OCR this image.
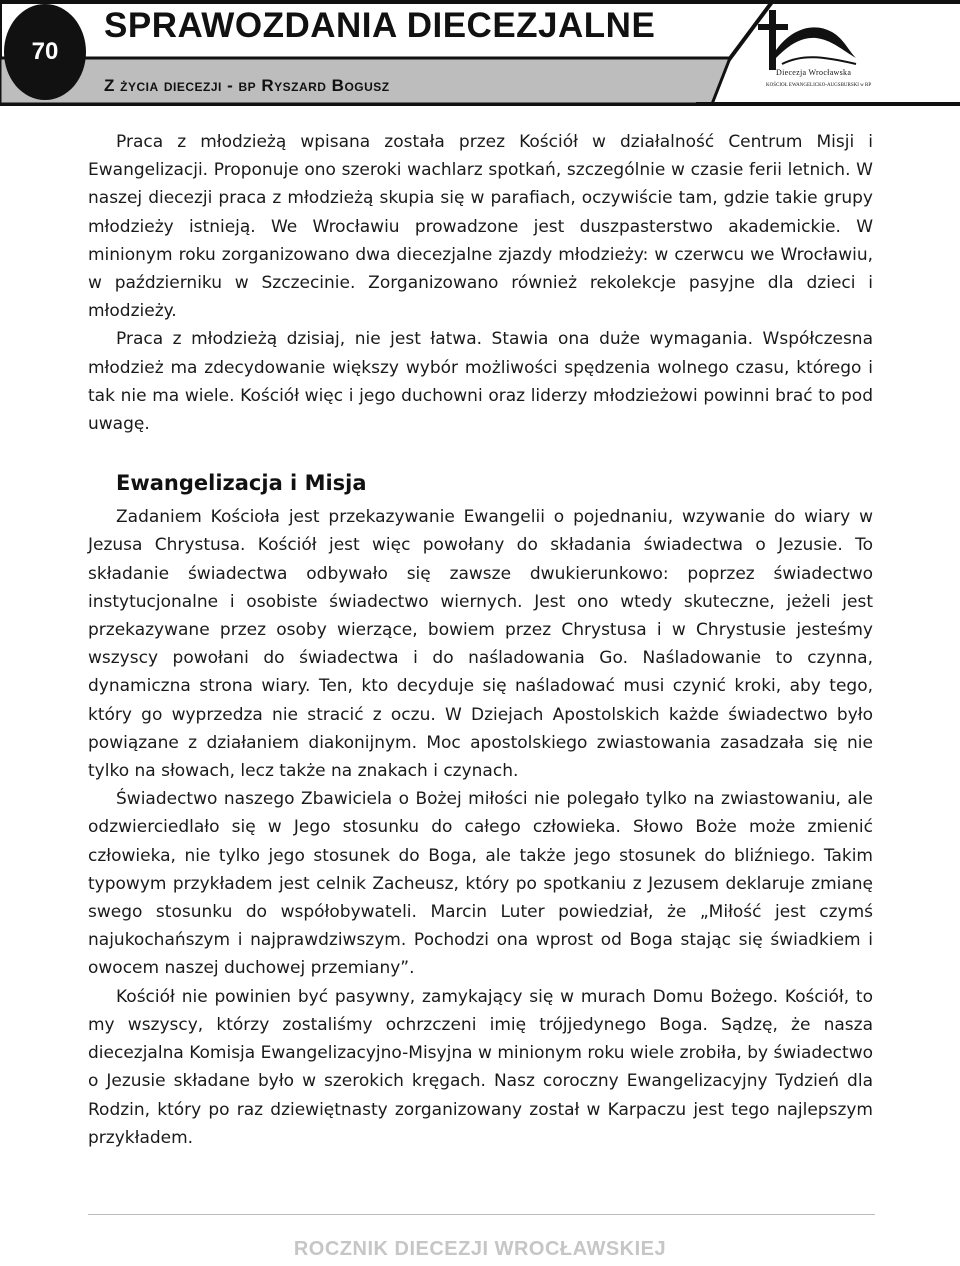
70
SPRAWOZDANIA DIECEZJALNE
Z życia diecezji - bp Ryszard Bogusz
Diecezja Wrocławska
KOŚCIOŁ EWANGELICKO-AUGSBURSKI w RP

Praca z młodzieżą wpisana została przez Kościół w działalność Centrum Misji i Ewangelizacji. Proponuje ono szeroki wachlarz spotkań, szczególnie w czasie ferii letnich. W naszej diecezji praca z młodzieżą skupia się w parafiach, oczywiście tam, gdzie takie grupy młodzieży istnieją. We Wrocławiu prowadzone jest duszpasterstwo akademickie. W minionym roku zorganizowano dwa diecezjalne zjazdy młodzieży: w czerwcu we Wrocławiu, w październiku w Szczecinie. Zorganizowano również rekolekcje pasyjne dla dzieci i młodzieży.

Praca z młodzieżą dzisiaj, nie jest łatwa. Stawia ona duże wymagania. Współczesna młodzież ma zdecydowanie większy wybór możliwości spędzenia wolnego czasu, którego i tak nie ma wiele. Kościół więc i jego duchowni oraz liderzy młodzieżowi powinni brać to pod uwagę.

Ewangelizacja i Misja

Zadaniem Kościoła jest przekazywanie Ewangelii o pojednaniu, wzywanie do wiary w Jezusa Chrystusa. Kościół jest więc powołany do składania świadectwa o Jezusie. To składanie świadectwa odbywało się zawsze dwukierunkowo: poprzez świadectwo instytucjonalne i osobiste świadectwo wiernych. Jest ono wtedy skuteczne, jeżeli jest przekazywane przez osoby wierzące, bowiem przez Chrystusa i w Chrystusie jesteśmy wszyscy powołani do świadectwa i do naśladowania Go. Naśladowanie to czynna, dynamiczna strona wiary. Ten, kto decyduje się naśladować musi czynić kroki, aby tego, który go wyprzedza nie stracić z oczu. W Dziejach Apostolskich każde świadectwo było powiązane z działaniem diakonijnym. Moc apostolskiego zwiastowania zasadzała się nie tylko na słowach, lecz także na znakach i czynach.

Świadectwo naszego Zbawiciela o Bożej miłości nie polegało tylko na zwiastowaniu, ale odzwierciedlało się w Jego stosunku do całego człowieka. Słowo Boże może zmienić człowieka, nie tylko jego stosunek do Boga, ale także jego stosunek do bliźniego. Takim typowym przykładem jest celnik Zacheusz, który po spotkaniu z Jezusem deklaruje zmianę swego stosunku do współobywateli. Marcin Luter powiedział, że „Miłość jest czymś najukochańszym i najprawdziwszym. Pochodzi ona wprost od Boga stając się świadkiem i owocem naszej duchowej przemiany”.

Kościół nie powinien być pasywny, zamykający się w murach Domu Bożego. Kościół, to my wszyscy, którzy zostaliśmy ochrzczeni imię trójjedynego Boga. Sądzę, że nasza diecezjalna Komisja Ewangelizacyjno-Misyjna w minionym roku wiele zrobiła, by świadectwo o Jezusie składane było w szerokich kręgach. Nasz coroczny Ewangelizacyjny Tydzień dla Rodzin, który po raz dziewiętnasty zorganizowany został w Karpaczu jest tego najlepszym przykładem.

ROCZNIK DIECEZJI WROCŁAWSKIEJ
